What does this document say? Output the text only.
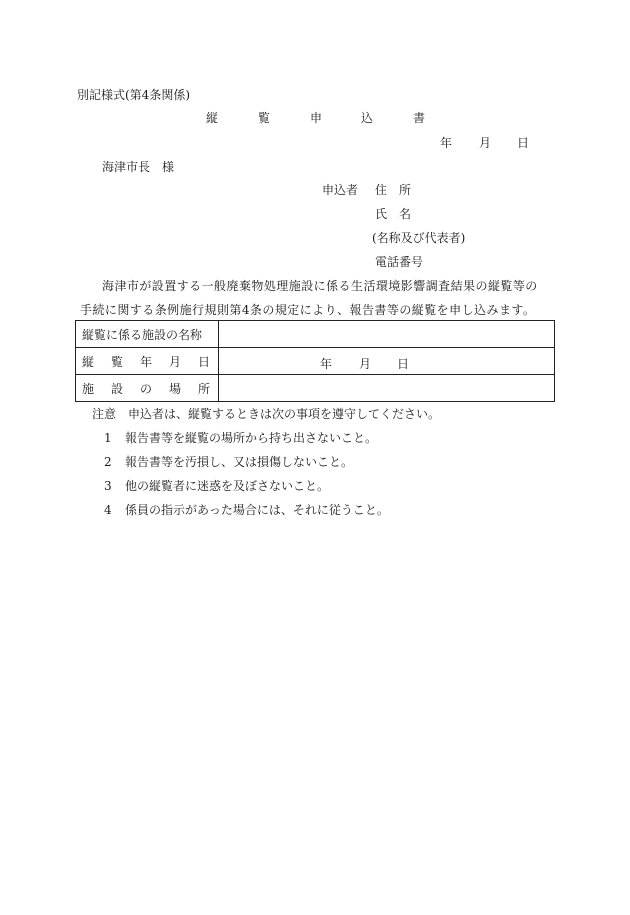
別記様式(第4条関係)
縦	覧	申	込	書
年 月 日
海津市長　様
申込者 住　所
氏　名
(名称及び代表者)
電話番号
海津市が設置する一般廃棄物処理施設に係る生活環境影響調査結果の縦覧等の
手続に関する条例施行規則第4条の規定により、報告書等の縦覧を申し込みます。
縦覧に係る施設の名称	

縦 覧 年 月 日	年 月 日

施 設 の 場 所	

注意　申込者は、縦覧するときは次の事項を遵守してください。
1 報告書等を縦覧の場所から持ち出さないこと。
2 報告書等を汚損し、又は損傷しないこと。
3 他の縦覧者に迷惑を及ぼさないこと。
4 係員の指示があった場合には、それに従うこと。
